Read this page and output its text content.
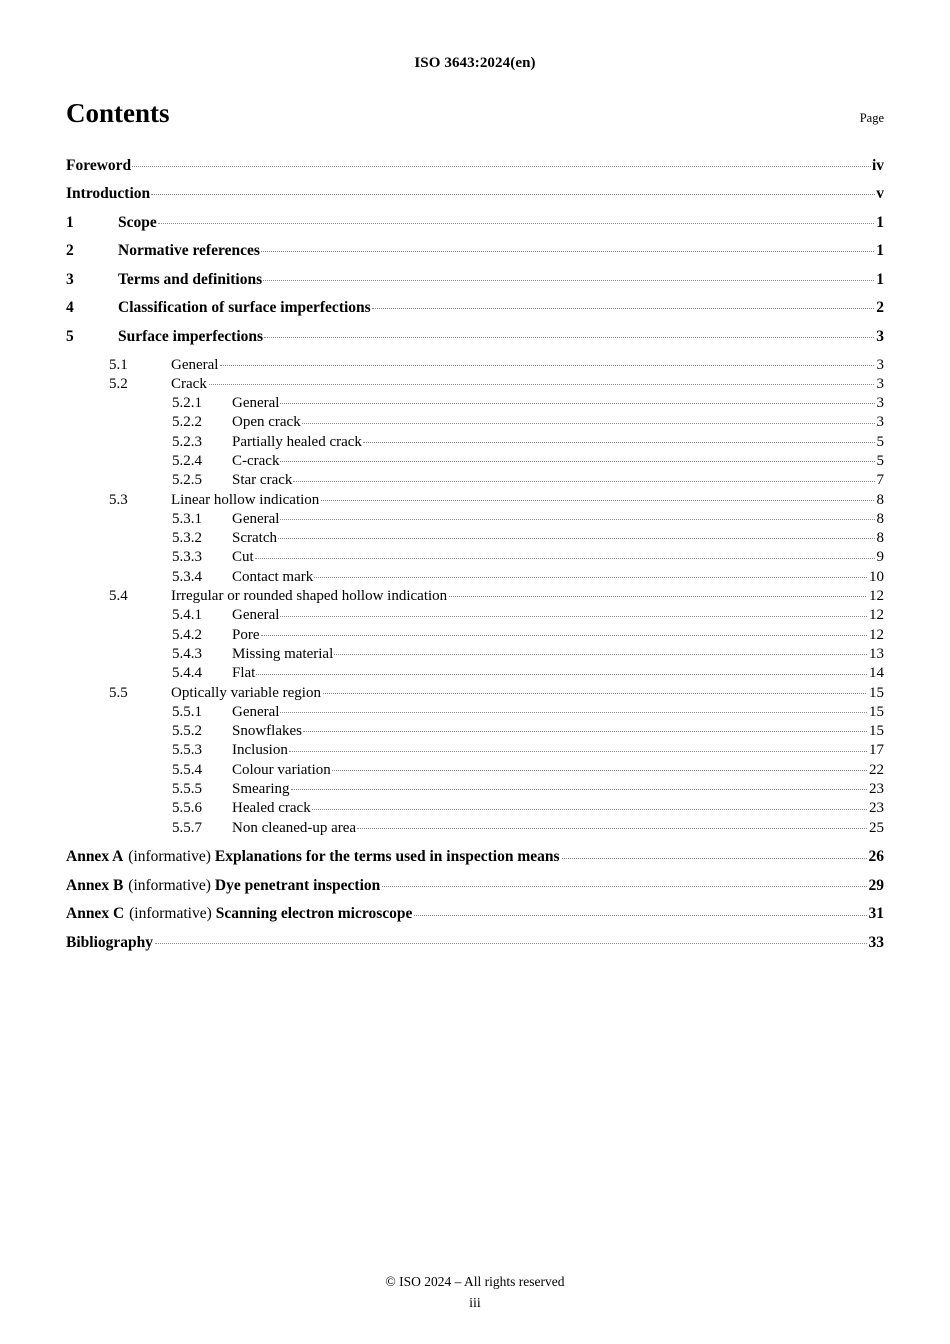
ISO 3643:2024(en)
Contents	Page
Foreword	iv
Introduction	v
1	Scope	1
2	Normative references	1
3	Terms and definitions	1
4	Classification of surface imperfections	2
5	Surface imperfections	3
5.1	General	3
5.2	Crack	3
5.2.1	General	3
5.2.2	Open crack	3
5.2.3	Partially healed crack	5
5.2.4	C-crack	5
5.2.5	Star crack	7
5.3	Linear hollow indication	8
5.3.1	General	8
5.3.2	Scratch	8
5.3.3	Cut	9
5.3.4	Contact mark	10
5.4	Irregular or rounded shaped hollow indication	12
5.4.1	General	12
5.4.2	Pore	12
5.4.3	Missing material	13
5.4.4	Flat	14
5.5	Optically variable region	15
5.5.1	General	15
5.5.2	Snowflakes	15
5.5.3	Inclusion	17
5.5.4	Colour variation	22
5.5.5	Smearing	23
5.5.6	Healed crack	23
5.5.7	Non cleaned-up area	25
Annex A (informative) Explanations for the terms used in inspection means	26
Annex B (informative) Dye penetrant inspection	29
Annex C (informative) Scanning electron microscope	31
Bibliography	33
© ISO 2024 – All rights reserved
iii
